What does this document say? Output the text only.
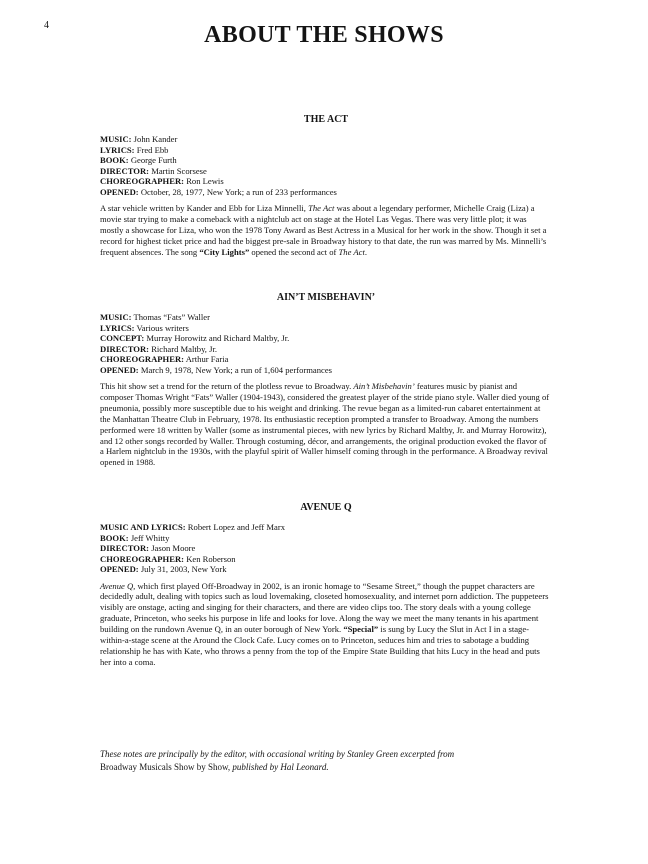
4	ABOUT THE SHOWS
THE ACT
MUSIC: John Kander
LYRICS: Fred Ebb
BOOK: George Furth
DIRECTOR: Martin Scorsese
CHOREOGRAPHER: Ron Lewis
OPENED: October, 28, 1977, New York; a run of 233 performances
A star vehicle written by Kander and Ebb for Liza Minnelli, The Act was about a legendary performer, Michelle Craig (Liza) a movie star trying to make a comeback with a nightclub act on stage at the Hotel Las Vegas. There was very little plot; it was mostly a showcase for Liza, who won the 1978 Tony Award as Best Actress in a Musical for her work in the show. Though it set a record for highest ticket price and had the biggest pre-sale in Broadway history to that date, the run was marred by Ms. Minnelli’s frequent absences. The song “City Lights” opened the second act of The Act.
AIN’T MISBEHAVIN’
MUSIC: Thomas “Fats” Waller
LYRICS: Various writers
CONCEPT: Murray Horowitz and Richard Maltby, Jr.
DIRECTOR: Richard Maltby, Jr.
CHOREOGRAPHER: Arthur Faria
OPENED: March 9, 1978, New York; a run of 1,604 performances
This hit show set a trend for the return of the plotless revue to Broadway. Ain’t Misbehavin’ features music by pianist and composer Thomas Wright “Fats” Waller (1904-1943), considered the greatest player of the stride piano style. Waller died young of pneumonia, possibly more susceptible due to his weight and drinking. The revue began as a limited-run cabaret entertainment at the Manhattan Theatre Club in February, 1978. Its enthusiastic reception prompted a transfer to Broadway. Among the numbers performed were 18 written by Waller (some as instrumental pieces, with new lyrics by Richard Maltby, Jr. and Murray Horowitz), and 12 other songs recorded by Waller. Through costuming, décor, and arrangements, the original production evoked the flavor of a Harlem nightclub in the 1930s, with the playful spirit of Waller himself coming through in the performance. A Broadway revival opened in 1988.
AVENUE Q
MUSIC AND LYRICS: Robert Lopez and Jeff Marx
BOOK: Jeff Whitty
DIRECTOR: Jason Moore
CHOREOGRAPHER: Ken Roberson
OPENED: July 31, 2003, New York
Avenue Q, which first played Off-Broadway in 2002, is an ironic homage to “Sesame Street,” though the puppet characters are decidedly adult, dealing with topics such as loud lovemaking, closeted homosexuality, and internet porn addiction. The puppeteers visibly are onstage, acting and singing for their characters, and there are video clips too. The story deals with a young college graduate, Princeton, who seeks his purpose in life and looks for love. Along the way we meet the many tenants in his apartment building on the rundown Avenue Q, in an outer borough of New York. “Special” is sung by Lucy the Slut in Act I in a stage-within-a-stage scene at the Around the Clock Cafe. Lucy comes on to Princeton, seduces him and tries to sabotage a budding relationship he has with Kate, who throws a penny from the top of the Empire State Building that hits Lucy in the head and puts her into a coma.
These notes are principally by the editor, with occasional writing by Stanley Green excerpted from
Broadway Musicals Show by Show, published by Hal Leonard.
